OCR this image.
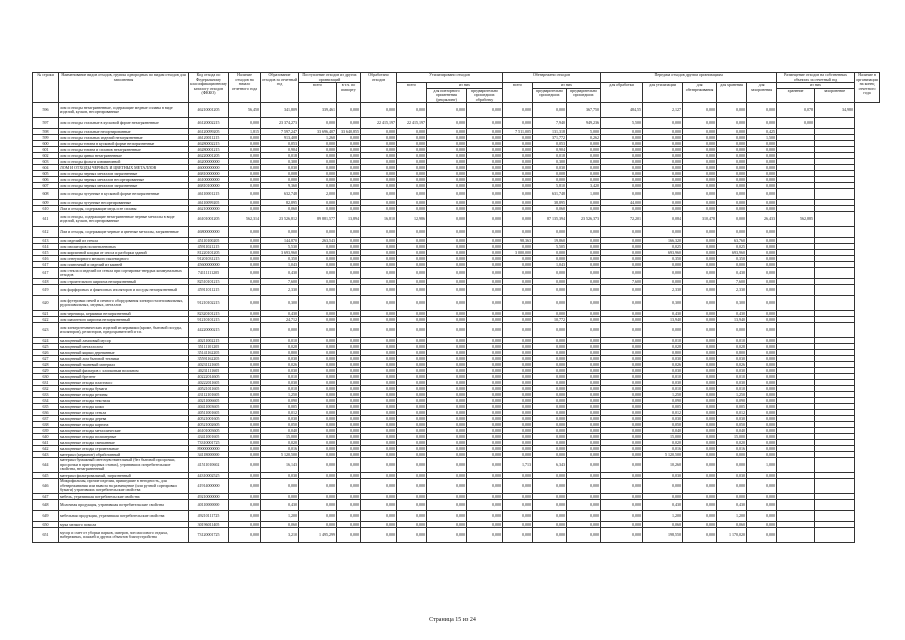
№ строки	Наименование видов отходов, группы однородных по видам отходов для заполнения	Код отхода по Федеральному классификационному каталогу отходов (ФККО)	Наличие отходов на начало отчетного года	Образование отходов за отчетный год	Поступление отходов из других организаций		Обработано отходов	Утилизировано отходов			Обезврежено отходов			Передача отходов другим организациям					Размещение отходов на собственных объектах за отчетный год		Наличие в организации на конец отчетного года
					всего	в т.ч. по импорту		всего	из них		всего	из них		для обработки	для утилизации	для обезвреживания	для хранения	для захоронения	из них		
									для повторного применения (рециклинг)	предварительно прошедших обработку		предварительно прошедших	предварительно прошедших						хранение	захоронение	
596	лом и отходы незагрязненные, содержащие медные сплавы в виде изделий, кусков, несортированные	46210001205	56,450	341,809	339,461	0,000	0,000	0,000	0,000	0,000	0,000	0,000	367,750	484,55	2,127	0,000	0,000	0,000	0,078	34,980	
597	лом и отходы стальные в кусковой форме незагрязненные	46120002215	0,000	23 374,273	0,000	0,000	22 415,197	22 415,197	0,000	0,000	0,000	7,940	949,236	5,500	0,000	0,000	0,000	0,000	0,000		
598	лом и отходы стальные несортированные	46120099205	1,815	7 597,247	33 696,407	33 640,855	0,000	0,000	0,000	0,000	7 511,005	131,318	5,000	0,000	0,000	0,000	0,000	0,425			
599	лом и отходы стальных изделий незагрязненные	46120011215	0,000	913,408	1,260	0,000	0,000	0,000	0,000	0,000	0,000	371,772	0,262	0,000	0,000	0,000	0,000	1,500			
600	лом и отходы титана в кусковой форме незагрязненные	46280002215	0,000	0,053	0,000	0,000	0,000	0,000	0,000	0,000	0,000	0,053	0,000	0,000	0,000	0,000	0,000	0,000			
601	лом и отходы титана и сплавов незагрязненные	46280001215	0,000	0,904	0,000	0,000	0,000	0,000	0,000	0,000	0,000	0,904	0,000	0,000	0,000	0,000	0,000	0,000			
602	лом и отходы цинка незагрязненные	46220001205	0,000	0,018	0,000	0,000	0,000	0,000	0,000	0,000	0,000	0,018	0,000	0,000	0,000	0,000	0,000	0,000			
603	лом и отходы фольги алюминиевой	46200000000	0,000	0,300	0,000	0,000	0,000	0,000	0,000	0,000	0,000	0,300	0,000	0,000	0,000	0,000	0,000	0,000			
604	ЛОМ И ОТХОДЫ ЧЕРНЫХ И ЦВЕТНЫХ МЕТАЛЛОВ	46000000000	0,000	0,030	0,000	0,000	0,000	0,000	0,000	0,000	0,000	0,030	0,000	0,000	0,000	0,000	0,000	0,000			
605	лом и отходы черных металлов загрязненные	46810000000	0,000	0,008	0,000	0,000	0,000	0,000	0,000	0,000	0,000	0,008	0,000	0,000	0,000	0,000	0,000	0,000			
606	лом и отходы черных металлов несортированные	46100000000	0,000	0,000	0,000	0,000	0,000	0,000	0,000	0,000	0,000	0,000	0,000	0,000	0,000	0,000	0,000	0,000			
607	лом и отходы черных металлов загрязненные	46810100000	0,000	9,360	0,000	0,000	0,000	0,000	0,000	0,000	0,000	5,810	3,420	0,000	0,000	0,000	0,000	0,000			
608	лом и отходы чугунные в кусковой форме незагрязненные	46110001215	0,000	632,748	2,000	0,000	0,000	0,000	0,000	0,000	0,000	631,748	1,000	0,000	0,000	0,000	0,000	0,000			
609	лом и отходы чугунные несортированные	46110099205	0,000	82,895	0,000	0,000	0,000	0,000	0,000	0,000	0,000	38,895	0,000	44,000	0,000	0,000	0,000	0,000			
610	Лом и отходы, содержащие медь и ее сплавы	46210000000	0,000	0,060	0,000	0,000	0,000	0,000	0,000	0,000	0,000	0,060	0,000	0,000	0,000	0,000	0,000	0,000			
611	лом и отходы, содержащие незагрязненные черные металлы в виде изделий, кусков, несортированные	46101001205	562,314	23 526,812	89 881,577	13,894	16,810	12,986	0,000	0,000	0,000	87 135,394	23 526,373	72,201	0,084	310,478	0,000	26,433	562,885		
612	Лом и отходы, содержащие черные и цветные металлы, загрязненные	46800000000	0,000	0,000	0,000	0,000	0,000	0,000	0,000	0,000	0,000	0,000	0,000	0,000	0,000	0,000	0,000	0,000			
613	лом изделий из стекла	45110100205	0,000	144,870	263,543	0,000	0,000	0,000	0,000	0,000	98,363	19,860	0,000	0,000	166,320	0,000	63,760	0,000			
614	лом изоляторов полиэтиленовых	45911021215	0,000	5,530	0,000	0,000	0,000	0,000	0,000	0,000	0,000	5,505	0,000	0,000	0,025	0,000	0,025	0,000			
615	лом кирпичной кладки от сноса и разборки зданий	81220101205	0,000	3 693,960	0,000	0,000	0,000	0,000	0,000	0,000	3 000,000	0,000	0,000	0,000	693,960	0,000	693,960	0,000			
616	лом огнеупорного мелкого пылевидного	91201031215	0,000	0,350	0,000	0,000	0,000	0,000	0,000	0,000	0,000	0,000	0,000	0,000	0,350	0,000	0,350	0,000			
617	лом плиточный и изделий из камней	45600000000	0,000	1,043	0,000	0,000	0,000	0,000	0,000	0,000	0,000	1,043	0,000	0,000	0,000	0,000	0,000	0,000			
617	лом стекла и изделий из стекла при сортировке твердых коммунальных отходов	74111111205	0,000	0,430	0,000	0,000	0,000	0,000	0,000	0,000	0,000	0,000	0,000	0,000	0,000	0,000	0,430	0,000			
618	лом строительного кирпича незагрязненный	82510101215	0,000	7,600	0,000	0,000	0,000	0,000	0,000	0,000	0,000	0,000	0,000	7,600	0,000	0,000	7,600	0,000			
619	лом фарфоровых и фаянсовых изоляторов и посуды незагрязненный	45911011215	0,000	2,330	0,000	0,000	0,000	0,000	0,000	0,000	0,000	0,000	0,000	0,000	2,330	0,000	2,330	0,000			
620	лом футеровки печей и печного оборудования электросталеплавильных, рудоплавильных, медных, металлов	91210102215	0,000	0,300	0,000	0,000	0,000	0,000	0,000	0,000	0,000	0,000	0,000	0,000	0,300	0,000	0,300	0,000			
621	лом черепицы, керамики незагрязненный	82320101215	0,000	0,430	0,000	0,000	0,000	0,000	0,000	0,000	0,000	0,000	0,000	0,000	0,430	0,000	0,430	0,000			
622	лом шамотного кирпича незагрязненный	91210101215	0,000	24,712	0,000	0,000	0,000	0,000	0,000	0,000	0,000	10,772	0,000	0,000	13,940	0,000	13,940	0,000			
623	лом электротехнических изделий из керамики (кроме, бытовой посуды, изоляторов), резисторов, предохранителей и т.п.	44220000215	0,000	0,000	0,000	0,000	0,000	0,000	0,000	0,000	0,000	0,000	0,000	0,000	0,000	0,000	0,000	0,000			
624	малоценный ламповый мусор	40211002215	0,000	0,010	0,000	0,000	0,000	0,000	0,000	0,000	0,000	0,000	0,000	0,000	0,010	0,000	0,010	0,000			
625	малоценный металлолом	35111101205	0,000	0,028	0,000	0,000	0,000	0,000	0,000	0,000	0,000	0,000	0,000	0,000	0,028	0,000	0,028	0,000			
626	малоценный ящики деревянные	35141162205	0,000	0,800	0,000	0,000	0,000	0,000	0,000	0,000	0,000	0,000	0,000	0,000	0,800	0,000	0,800	0,000			
627	малоценный лом бытовой техники	35591162205	0,000	0,030	0,000	0,000	0,000	0,000	0,000	0,000	0,000	0,000	0,000	0,000	0,030	0,000	0,030	0,000			
628	малоценный тканевый материал	40231121605	0,000	0,026	0,000	0,000	0,000	0,000	0,000	0,000	0,000	0,000	0,000	0,000	0,026	0,000	0,026	0,000			
629	малоценный фильтров с хлопковым волокном	40231111605	0,000	0,030	0,000	0,000	0,000	0,000	0,000	0,000	0,000	0,000	0,000	0,000	0,030	0,000	0,030	0,000			
630	малоценный брезент	40222014605	0,000	0,010	0,000	0,000	0,000	0,000	0,000	0,000	0,000	0,000	0,000	0,000	0,010	0,000	0,010	0,000			
631	малоценные отходы пластмасс	40222011605	0,000	0,030	0,000	0,000	0,000	0,000	0,000	0,000	0,000	0,000	0,000	0,000	0,030	0,000	0,030	0,000			
632	малоценные отходы бумаги	40521011605	0,000	0,010	0,000	0,000	0,000	0,000	0,000	0,000	0,000	0,000	0,000	0,000	0,010	0,000	0,010	0,000			
633	малоценные отходы резины	43112101605	0,000	1,250	0,000	0,000	0,000	0,000	0,000	0,000	0,000	0,000	0,000	0,000	1,250	0,000	1,250	0,000			
634	малоценные отходы текстиля	40211006605	0,000	0,090	0,000	0,000	0,000	0,000	0,000	0,000	0,000	0,000	0,000	0,000	0,090	0,000	0,090	0,000			
635	малоценные отходы кожи	40411003605	0,000	0,005	0,000	0,000	0,000	0,000	0,000	0,000	0,000	0,000	0,000	0,000	0,005	0,000	0,005	0,000			
636	малоценные отходы стекла	40511001605	0,000	0,012	0,000	0,000	0,000	0,000	0,000	0,000	0,000	0,000	0,000	0,000	0,012	0,000	0,012	0,000			
637	малоценные отходы дерева	40521001605	0,000	0,030	0,000	0,000	0,000	0,000	0,000	0,000	0,000	0,000	0,000	0,000	0,030	0,000	0,030	0,000			
638	малоценные отходы картона	40521002605	0,000	0,050	0,000	0,000	0,000	0,000	0,000	0,000	0,000	0,000	0,000	0,000	0,050	0,000	0,050	0,000			
639	малоценные отходы металлические	46101003605	0,000	0,040	0,000	0,000	0,000	0,000	0,000	0,000	0,000	0,000	0,000	0,000	0,040	0,000	0,040	0,000			
640	малоценные отходы полимерные	43411001605	0,000	15,000	0,000	0,000	0,000	0,000	0,000	0,000	0,000	0,000	0,000	0,000	15,000	0,000	15,000	0,000			
641	малоценные отходы смешанные	73310001725	0,000	0,020	0,000	0,000	0,000	0,000	0,000	0,000	0,000	0,000	0,000	0,000	0,020	0,000	0,020	0,000			
642	малоценные отходы строительные	89000000000	0,000	0,016	0,000	0,000	0,000	0,000	0,000	0,000	0,000	0,000	0,000	0,000	0,016	0,000	0,016	0,000			
643	материал (керамзит) обработанный	34118000000	0,000	5 120,500	0,000	0,000	0,000	0,000	0,000	0,000	0,000	0,000	0,000	0,000	5 120,500	0,000	0,000	0,000			
644	материал бумажный светочувствительный (без бытовой просрочки, просрочки в пригородных станах), утративших потребительские свойства, незагрязненный	41511010602	0,000	16,143	0,000	0,000	0,000	0,000	0,000	0,000	1,713	6,343	0,000	0,000	10,260	0,000	0,000	1,000			
645	материал фильтровальный, загрязненный	44310002525	0,000	0,030	0,000	0,000	0,000	0,000	0,000	0,000	0,000	0,000	0,000	0,000	0,030	0,000	0,030	0,000			
646	Микрофильмы, прочие изделия, пришедшие в негодность, для обезвреживания или вывоза на размещение (или ручной сортировки бумаги) утративших потребительские свойства	41914000000	0,000	0,000	0,000	0,000	0,000	0,000	0,000	0,000	0,000	0,000	0,000	0,000	0,000	0,000	0,000	0,000			
647	мебель, утратившая потребительские свойства	49210000000	0,000	0,000	0,000	0,000	0,000	0,000	0,000	0,000	0,000	0,000	0,000	0,000	0,000	0,000	0,000	0,000			
648	Молочная продукция, утратившая потребительские свойства	40110000000	0,000	0,430	0,000	0,000	0,000	0,000	0,000	0,000	0,000	0,000	0,000	0,000	0,430	0,000	0,430	0,000			
649	мебельная продукция, утратившая потребительские свойства	49210111725	0,000	1,200	0,000	0,000	0,000	0,000	0,000	0,000	0,000	0,000	0,000	0,000	1,200	0,000	1,200	0,000			
650	мука мелкого помола	30196011405	0,000	0,060	0,000	0,000	0,000	0,000	0,000	0,000	0,000	0,000	0,000	0,000	0,060	0,000	0,060	0,000			
651	мусор и смет от уборки парков, скверов, зон массового отдыха, набережных, пляжей и других объектов благоустройства	73120001725	0,000	3,210	1 495,299	0,000	0,000	0,000	0,000	0,000	0,000	0,000	0,000	0,000	198,550	0,000	1 170,020	0,000			
Страница 15 из 24
